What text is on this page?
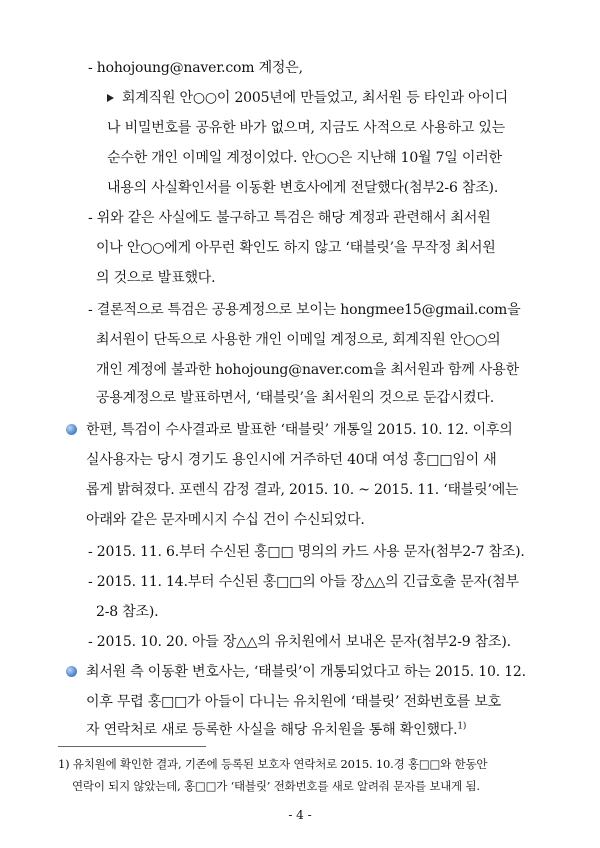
- hohojoung@naver.com 계정은,
회계직원 안○○이 2005년에 만들었고, 최서원 등 타인과 아이디
나 비밀번호를 공유한 바가 없으며, 지금도 사적으로 사용하고 있는
순수한 개인 이메일 계정이었다. 안○○은 지난해 10월 7일 이러한
내용의 사실확인서를 이동환 변호사에게 전달했다(첨부2-6 참조).
- 위와 같은 사실에도 불구하고 특검은 해당 계정과 관련해서 최서원
이나 안○○에게 아무런 확인도 하지 않고 ‘태블릿’을 무작정 최서원
의 것으로 발표했다.
- 결론적으로 특검은 공용계정으로 보이는 hongmee15@gmail.com을
최서원이 단독으로 사용한 개인 이메일 계정으로, 회계직원 안○○의
개인 계정에 불과한 hohojoung@naver.com을 최서원과 함께 사용한
공용계정으로 발표하면서, ‘태블릿’을 최서원의 것으로 둔갑시켰다.
한편, 특검이 수사결과로 발표한 ‘태블릿’ 개통일 2015. 10. 12. 이후의
실사용자는 당시 경기도 용인시에 거주하던 40대 여성 홍□□임이 새
롭게 밝혀졌다. 포렌식 감정 결과, 2015. 10. ~ 2015. 11. ‘태블릿’에는
아래와 같은 문자메시지 수십 건이 수신되었다.
- 2015. 11. 6.부터 수신된 홍□□ 명의의 카드 사용 문자(첨부2-7 참조).
- 2015. 11. 14.부터 수신된 홍□□의 아들 장△△의 긴급호출 문자(첨부
2-8 참조).
- 2015. 10. 20. 아들 장△△의 유치원에서 보내온 문자(첨부2-9 참조).
최서원 측 이동환 변호사는, ‘태블릿’이 개통되었다고 하는 2015. 10. 12.
이후 무렵 홍□□가 아들이 다니는 유치원에 ‘태블릿’ 전화번호를 보호
자 연락처로 새로 등록한 사실을 해당 유치원을 통해 확인했다.$^{1)}$
1) 유치원에 확인한 결과, 기존에 등록된 보호자 연락처로 2015. 10.경 홍□□와 한동안
연락이 되지 않았는데, 홍□□가 ‘태블릿’ 전화번호를 새로 알려줘 문자를 보내게 됨.
- 4 -
